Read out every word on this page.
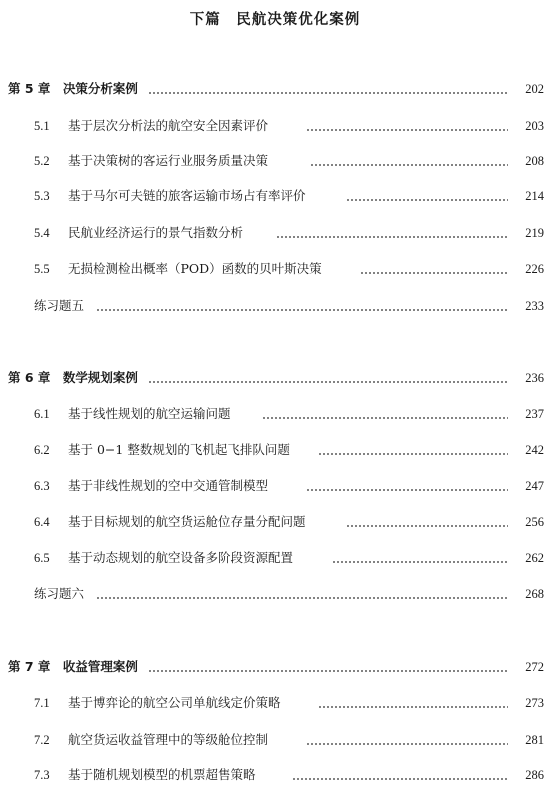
下篇　民航决策优化案例
第 5 章　决策分析案例	202
5.1 基于层次分析法的航空安全因素评价	203
5.2 基于决策树的客运行业服务质量决策	208
5.3 基于马尔可夫链的旅客运输市场占有率评价	214
5.4 民航业经济运行的景气指数分析	219
5.5 无损检测检出概率（POD）函数的贝叶斯决策	226
练习题五	233
第 6 章　数学规划案例	236
6.1 基于线性规划的航空运输问题	237
6.2 基于 0−1 整数规划的飞机起飞排队问题	242
6.3 基于非线性规划的空中交通管制模型	247
6.4 基于目标规划的航空货运舱位存量分配问题	256
6.5 基于动态规划的航空设备多阶段资源配置	262
练习题六	268
第 7 章　收益管理案例	272
7.1 基于博弈论的航空公司单航线定价策略	273
7.2 航空货运收益管理中的等级舱位控制	281
7.3 基于随机规划模型的机票超售策略	286
